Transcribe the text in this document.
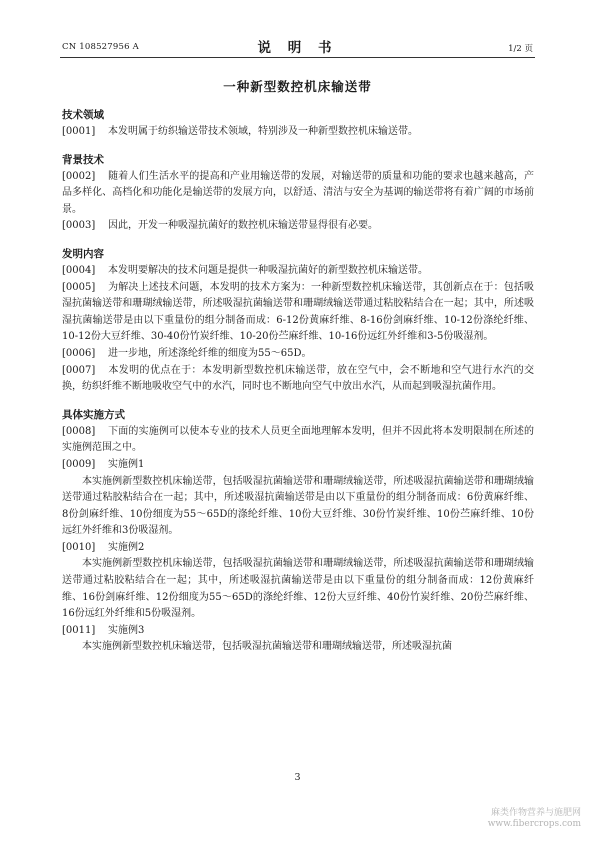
CN 108527956 A	说 明 书	1/2 页
一种新型数控机床输送带

技术领域

[0001] 本发明属于纺织输送带技术领域，特别涉及一种新型数控机床输送带。

背景技术

[0002] 随着人们生活水平的提高和产业用输送带的发展，对输送带的质量和功能的要求也越来越高，产品多样化、高档化和功能化是输送带的发展方向，以舒适、清洁与安全为基调的输送带将有着广阔的市场前景。

[0003] 因此，开发一种吸湿抗菌好的数控机床输送带显得很有必要。

发明内容

[0004] 本发明要解决的技术问题是提供一种吸湿抗菌好的新型数控机床输送带。

[0005] 为解决上述技术问题，本发明的技术方案为：一种新型数控机床输送带，其创新点在于：包括吸湿抗菌输送带和珊瑚绒输送带，所述吸湿抗菌输送带和珊瑚绒输送带通过粘胶粘结合在一起；其中，所述吸湿抗菌输送带是由以下重量份的组分制备而成：6-12份黄麻纤维、8-16份剑麻纤维、10-12份涤纶纤维、10-12份大豆纤维、30-40份竹炭纤维、10-20份苎麻纤维、10-16份远红外纤维和3-5份吸湿剂。

[0006] 进一步地，所述涤纶纤维的细度为55～65D。

[0007] 本发明的优点在于：本发明新型数控机床输送带，放在空气中，会不断地和空气进行水汽的交换，纺织纤维不断地吸收空气中的水汽，同时也不断地向空气中放出水汽，从而起到吸湿抗菌作用。

具体实施方式

[0008] 下面的实施例可以使本专业的技术人员更全面地理解本发明，但并不因此将本发明限制在所述的实施例范围之中。

[0009] 实施例1

本实施例新型数控机床输送带，包括吸湿抗菌输送带和珊瑚绒输送带，所述吸湿抗菌输送带和珊瑚绒输送带通过粘胶粘结合在一起；其中，所述吸湿抗菌输送带是由以下重量份的组分制备而成：6份黄麻纤维、8份剑麻纤维、10份细度为55～65D的涤纶纤维、10份大豆纤维、30份竹炭纤维、10份苎麻纤维、10份远红外纤维和3份吸湿剂。

[0010] 实施例2

本实施例新型数控机床输送带，包括吸湿抗菌输送带和珊瑚绒输送带，所述吸湿抗菌输送带和珊瑚绒输送带通过粘胶粘结合在一起；其中，所述吸湿抗菌输送带是由以下重量份的组分制备而成：12份黄麻纤维、16份剑麻纤维、12份细度为55～65D的涤纶纤维、12份大豆纤维、40份竹炭纤维、20份苎麻纤维、16份远红外纤维和5份吸湿剂。

[0011] 实施例3

本实施例新型数控机床输送带，包括吸湿抗菌输送带和珊瑚绒输送带，所述吸湿抗菌

3
麻类作物营养与施肥网
www.fibercrops.com
